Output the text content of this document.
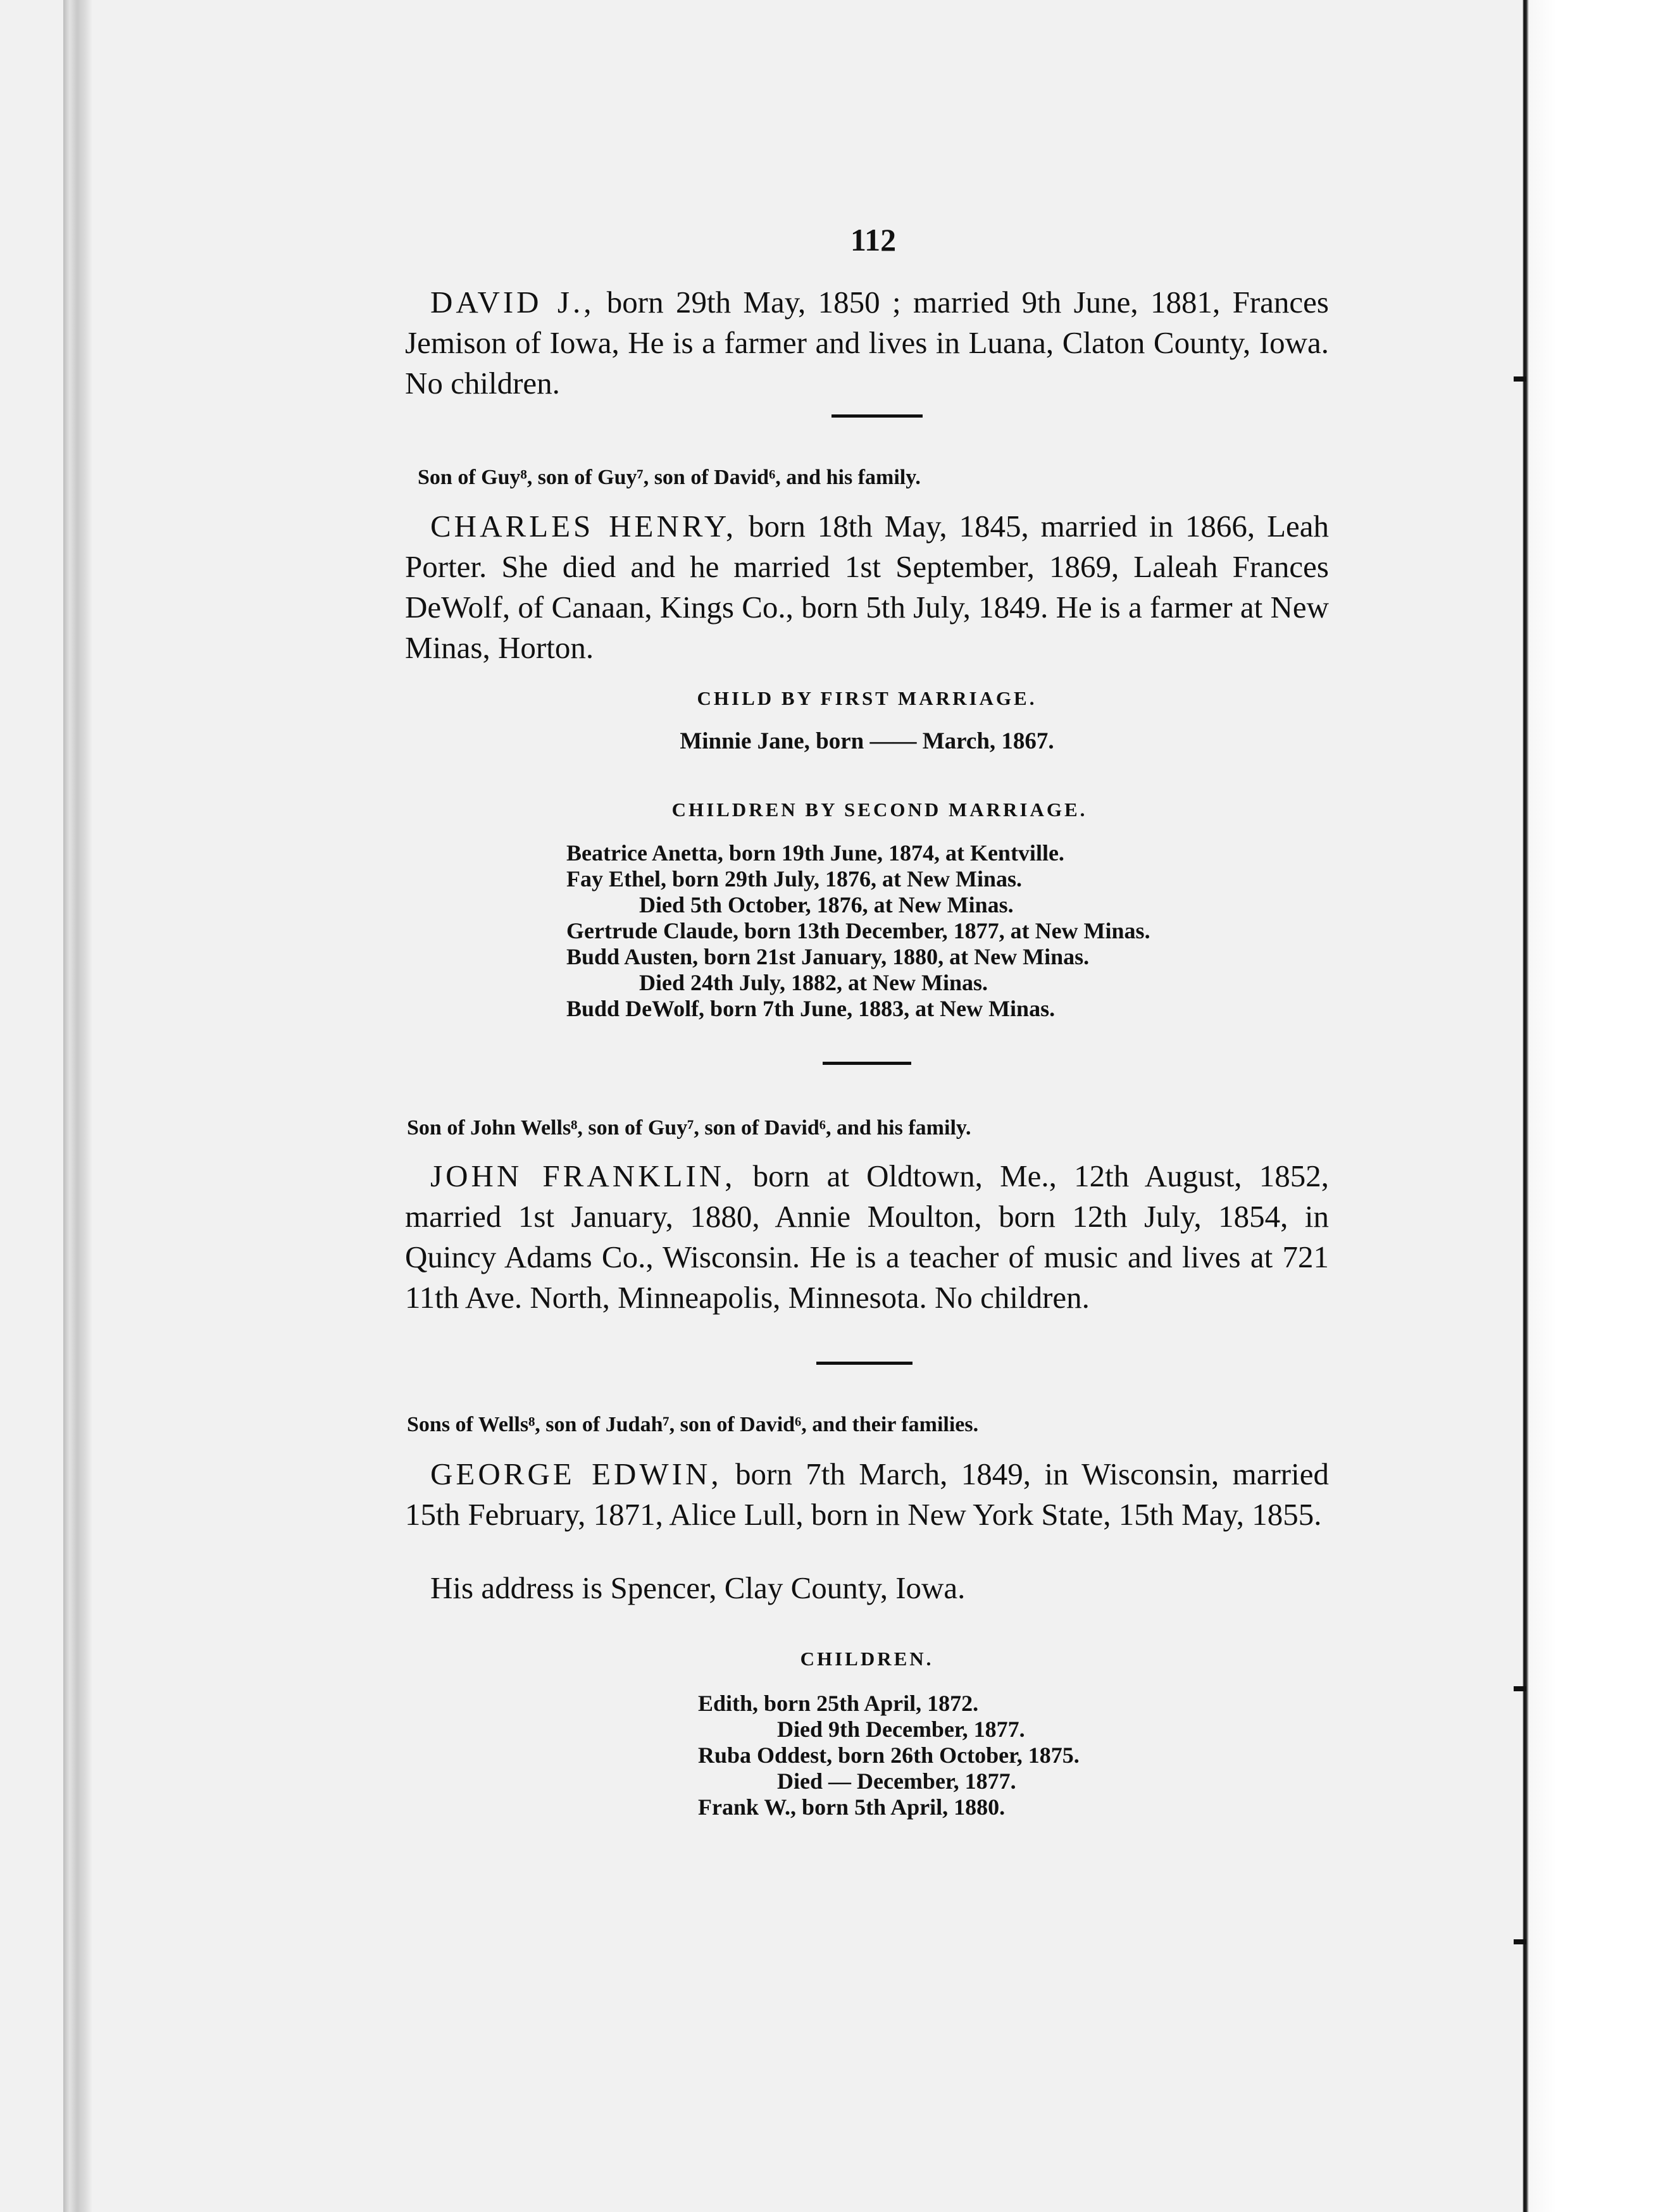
112
DAVID J., born 29th May, 1850 ; married 9th June, 1881, Frances Jemison of Iowa, He is a farmer and lives in Luana, Claton County, Iowa. No children.
Son of Guy⁸, son of Guy⁷, son of David⁶, and his family.
CHARLES HENRY, born 18th May, 1845, married in 1866, Leah Porter. She died and he married 1st September, 1869, Laleah Frances DeWolf, of Canaan, Kings Co., born 5th July, 1849. He is a farmer at New Minas, Horton.
CHILD BY FIRST MARRIAGE.
Minnie Jane, born —— March, 1867.
CHILDREN BY SECOND MARRIAGE.
Beatrice Anetta, born 19th June, 1874, at Kentville.
Fay Ethel, born 29th July, 1876, at New Minas.
Died 5th October, 1876, at New Minas.
Gertrude Claude, born 13th December, 1877, at New Minas.
Budd Austen, born 21st January, 1880, at New Minas.
Died 24th July, 1882, at New Minas.
Budd DeWolf, born 7th June, 1883, at New Minas.
Son of John Wells⁸, son of Guy⁷, son of David⁶, and his family.
JOHN FRANKLIN, born at Oldtown, Me., 12th August, 1852, married 1st January, 1880, Annie Moulton, born 12th July, 1854, in Quincy Adams Co., Wisconsin. He is a teacher of music and lives at 721 11th Ave. North, Minneapolis, Minnesota. No children.
Sons of Wells⁸, son of Judah⁷, son of David⁶, and their families.
GEORGE EDWIN, born 7th March, 1849, in Wisconsin, married 15th February, 1871, Alice Lull, born in New York State, 15th May, 1855.
His address is Spencer, Clay County, Iowa.
CHILDREN.
Edith, born 25th April, 1872.
Died 9th December, 1877.
Ruba Oddest, born 26th October, 1875.
Died — December, 1877.
Frank W., born 5th April, 1880.
